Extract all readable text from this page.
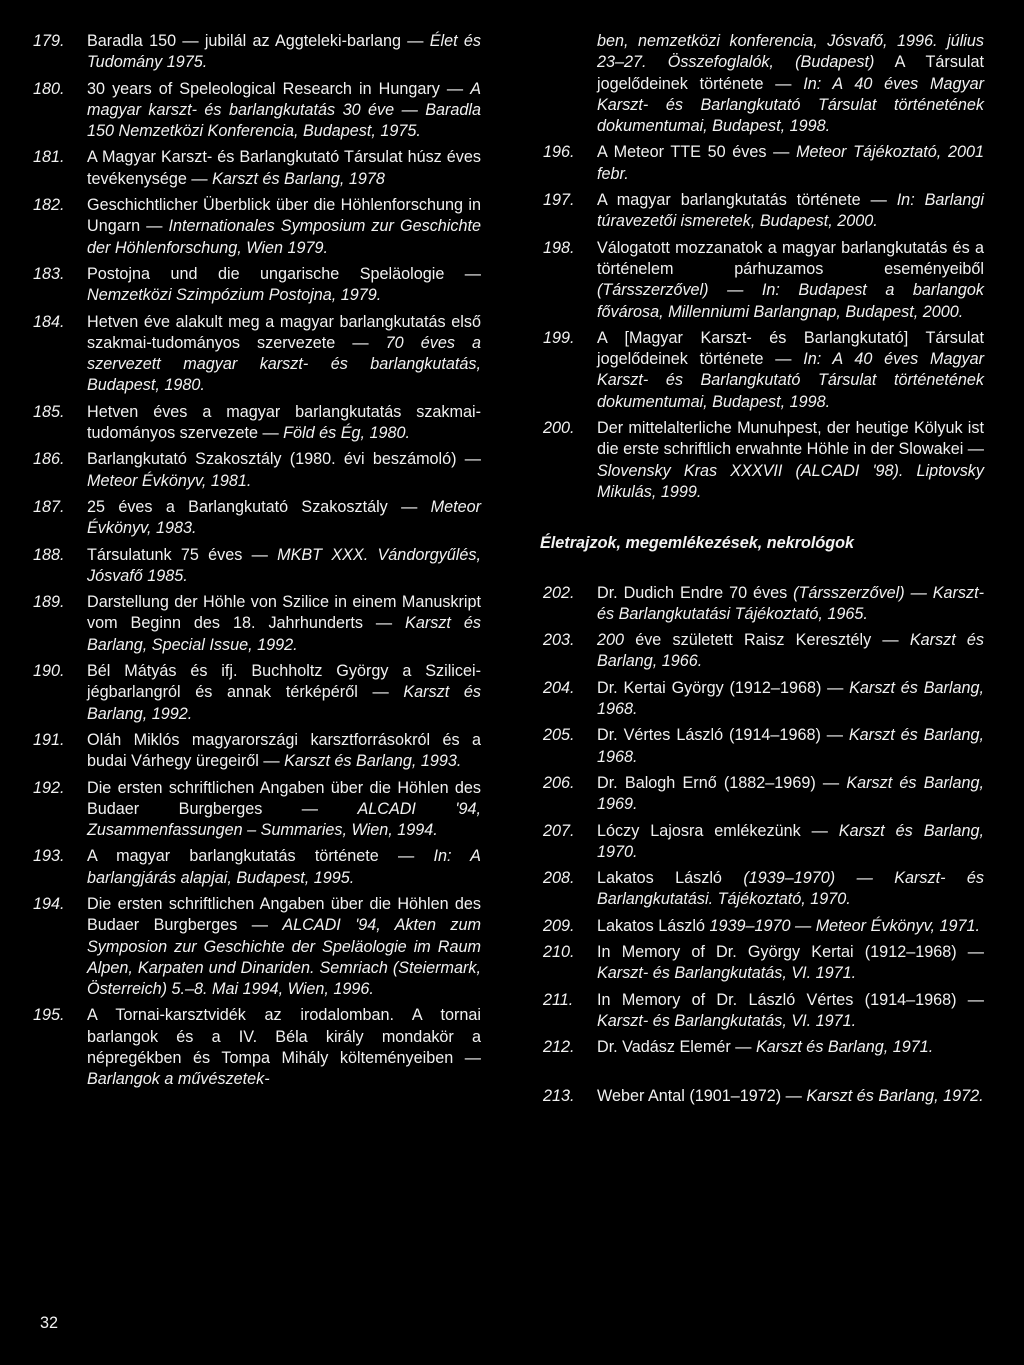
179. Baradla 150 — jubilál az Aggteleki-barlang — Élet és Tudomány 1975.
180. 30 years of Speleological Research in Hungary — A magyar karszt- és barlangkutatás 30 éve — Baradla 150 Nemzetközi Konferencia, Budapest, 1975.
181. A Magyar Karszt- és Barlangkutató Társulat húsz éves tevékenysége — Karszt és Barlang, 1978
182. Geschichtlicher Überblick über die Höhlenforschung in Ungarn — Internationales Symposium zur Geschichte der Höhlenforschung, Wien 1979.
183. Postojna und die ungarische Speläologie — Nemzetközi Szimpózium Postojna, 1979.
184. Hetven éve alakult meg a magyar barlangkutatás első szakmai-tudományos szervezete — 70 éves a szervezett magyar karszt- és barlangkutatás, Budapest, 1980.
185. Hetven éves a magyar barlangkutatás szakmai-tudományos szervezete — Föld és Ég, 1980.
186. Barlangkutató Szakosztály (1980. évi beszámoló) — Meteor Évkönyv, 1981.
187. 25 éves a Barlangkutató Szakosztály — Meteor Évkönyv, 1983.
188. Társulatunk 75 éves — MKBT XXX. Vándorgyűlés, Jósvafő 1985.
189. Darstellung der Höhle von Szilice in einem Manuskript vom Beginn des 18. Jahrhunderts — Karszt és Barlang, Special Issue, 1992.
190. Bél Mátyás és ifj. Buchholtz György a Szilicei-jégbarlangról és annak térképéről — Karszt és Barlang, 1992.
191. Oláh Miklós magyarországi karsztforrásokról és a budai Várhegy üregeiről — Karszt és Barlang, 1993.
192. Die ersten schriftlichen Angaben über die Höhlen des Budaer Burgberges — ALCADI '94, Zusammenfassungen – Summaries, Wien, 1994.
193. A magyar barlangkutatás története — In: A barlangjárás alapjai, Budapest, 1995.
194. Die ersten schriftlichen Angaben über die Höhlen des Budaer Burgberges — ALCADI '94, Akten zum Symposion zur Geschichte der Speläologie im Raum Alpen, Karpaten und Dinariden. Semriach (Steiermark, Österreich) 5.–8. Mai 1994, Wien, 1996.
195. A Tornai-karsztvidék az irodalomban. A tornai barlangok és a IV. Béla király mondakör a népregékben és Tompa Mihály költeményeiben — Barlangok a művészetek-
ben, nemzetközi konferencia, Jósvafő, 1996. július 23–27. Összefoglalók, (Budapest) A Társulat jogelődeinek története — In: A 40 éves Magyar Karszt- és Barlangkutató Társulat történetének dokumentumai, Budapest, 1998.
196. A Meteor TTE 50 éves — Meteor Tájékoztató, 2001 febr.
197. A magyar barlangkutatás története — In: Barlangi túravezetői ismeretek, Budapest, 2000.
198. Válogatott mozzanatok a magyar barlangkutatás és a történelem párhuzamos eseményeiből (Társszerzővel) — In: Budapest a barlangok fővárosa, Millenniumi Barlangnap, Budapest, 2000.
199. A [Magyar Karszt- és Barlangkutató] Társulat jogelődeinek története — In: A 40 éves Magyar Karszt- és Barlangkutató Társulat történetének dokumentumai, Budapest, 1998.
200. Der mittelalterliche Munuhpest, der heutige Kölyuk ist die erste schriftlich erwahnte Höhle in der Slowakei — Slovensky Kras XXXVII (ALCADI '98). Liptovsky Mikulás, 1999.
Életrajzok, megemlékezések, nekrológok
202. Dr. Dudich Endre 70 éves (Társszerzővel) — Karszt- és Barlangkutatási Tájékoztató, 1965.
203. 200 éve született Raisz Keresztély — Karszt és Barlang, 1966.
204. Dr. Kertai György (1912–1968) — Karszt és Barlang, 1968.
205. Dr. Vértes László (1914–1968) — Karszt és Barlang, 1968.
206. Dr. Balogh Ernő (1882–1969) — Karszt és Barlang, 1969.
207. Lóczy Lajosra emlékezünk — Karszt és Barlang, 1970.
208. Lakatos László (1939–1970) — Karszt- és Barlangkutatási. Tájékoztató, 1970.
209. Lakatos László 1939–1970 — Meteor Évkönyv, 1971.
210. In Memory of Dr. György Kertai (1912–1968) — Karszt- és Barlangkutatás, VI. 1971.
211. In Memory of Dr. László Vértes (1914–1968) — Karszt- és Barlangkutatás, VI. 1971.
212. Dr. Vadász Elemér — Karszt és Barlang, 1971.
213. Weber Antal (1901–1972) — Karszt és Barlang, 1972.
32
